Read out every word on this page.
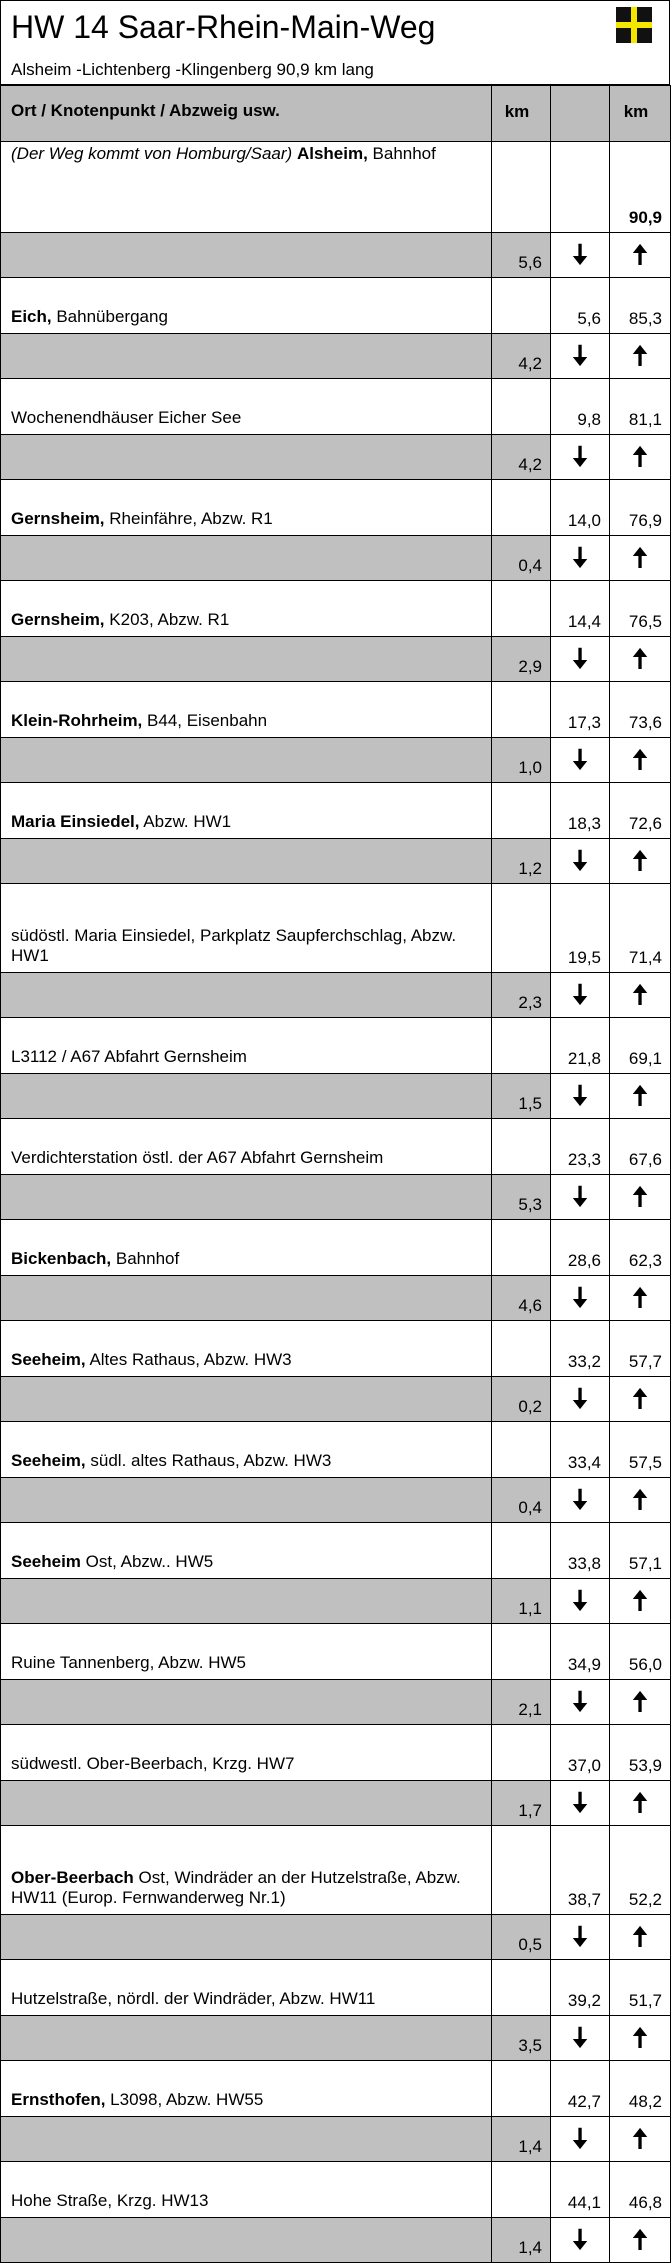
HW 14 Saar-Rhein-Main-Weg
Alsheim -Lichtenberg -Klingenberg 90,9 km lang
Ort / Knotenpunkt / Abzweig usw.	km		km
(Der Weg kommt von Homburg/Saar) Alsheim, Bahnhof			90,9
	5,6	🠇	🠅
Eich, Bahnübergang		5,6	85,3
	4,2	🠇	🠅
Wochenendhäuser Eicher See		9,8	81,1
	4,2	🠇	🠅
Gernsheim, Rheinfähre, Abzw. R1		14,0	76,9
	0,4	🠇	🠅
Gernsheim, K203, Abzw. R1		14,4	76,5
	2,9	🠇	🠅
Klein-Rohrheim, B44, Eisenbahn		17,3	73,6
	1,0	🠇	🠅
Maria Einsiedel, Abzw. HW1		18,3	72,6
	1,2	🠇	🠅
südöstl. Maria Einsiedel, Parkplatz Saupferchschlag, Abzw. HW1		19,5	71,4
	2,3	🠇	🠅
L3112 / A67 Abfahrt Gernsheim		21,8	69,1
	1,5	🠇	🠅
Verdichterstation östl. der A67 Abfahrt Gernsheim		23,3	67,6
	5,3	🠇	🠅
Bickenbach, Bahnhof		28,6	62,3
	4,6	🠇	🠅
Seeheim, Altes Rathaus, Abzw. HW3		33,2	57,7
	0,2	🠇	🠅
Seeheim, südl. altes Rathaus, Abzw. HW3		33,4	57,5
	0,4	🠇	🠅
Seeheim Ost, Abzw.. HW5		33,8	57,1
	1,1	🠇	🠅
Ruine Tannenberg, Abzw. HW5		34,9	56,0
	2,1	🠇	🠅
südwestl. Ober-Beerbach, Krzg. HW7		37,0	53,9
	1,7	🠇	🠅
Ober-Beerbach Ost, Windräder an der Hutzelstraße, Abzw. HW11 (Europ. Fernwanderweg Nr.1)		38,7	52,2
	0,5	🠇	🠅
Hutzelstraße, nördl. der Windräder, Abzw. HW11		39,2	51,7
	3,5	🠇	🠅
Ernsthofen, L3098, Abzw. HW55		42,7	48,2
	1,4	🠇	🠅
Hohe Straße, Krzg. HW13		44,1	46,8
	1,4	🠇	🠅
